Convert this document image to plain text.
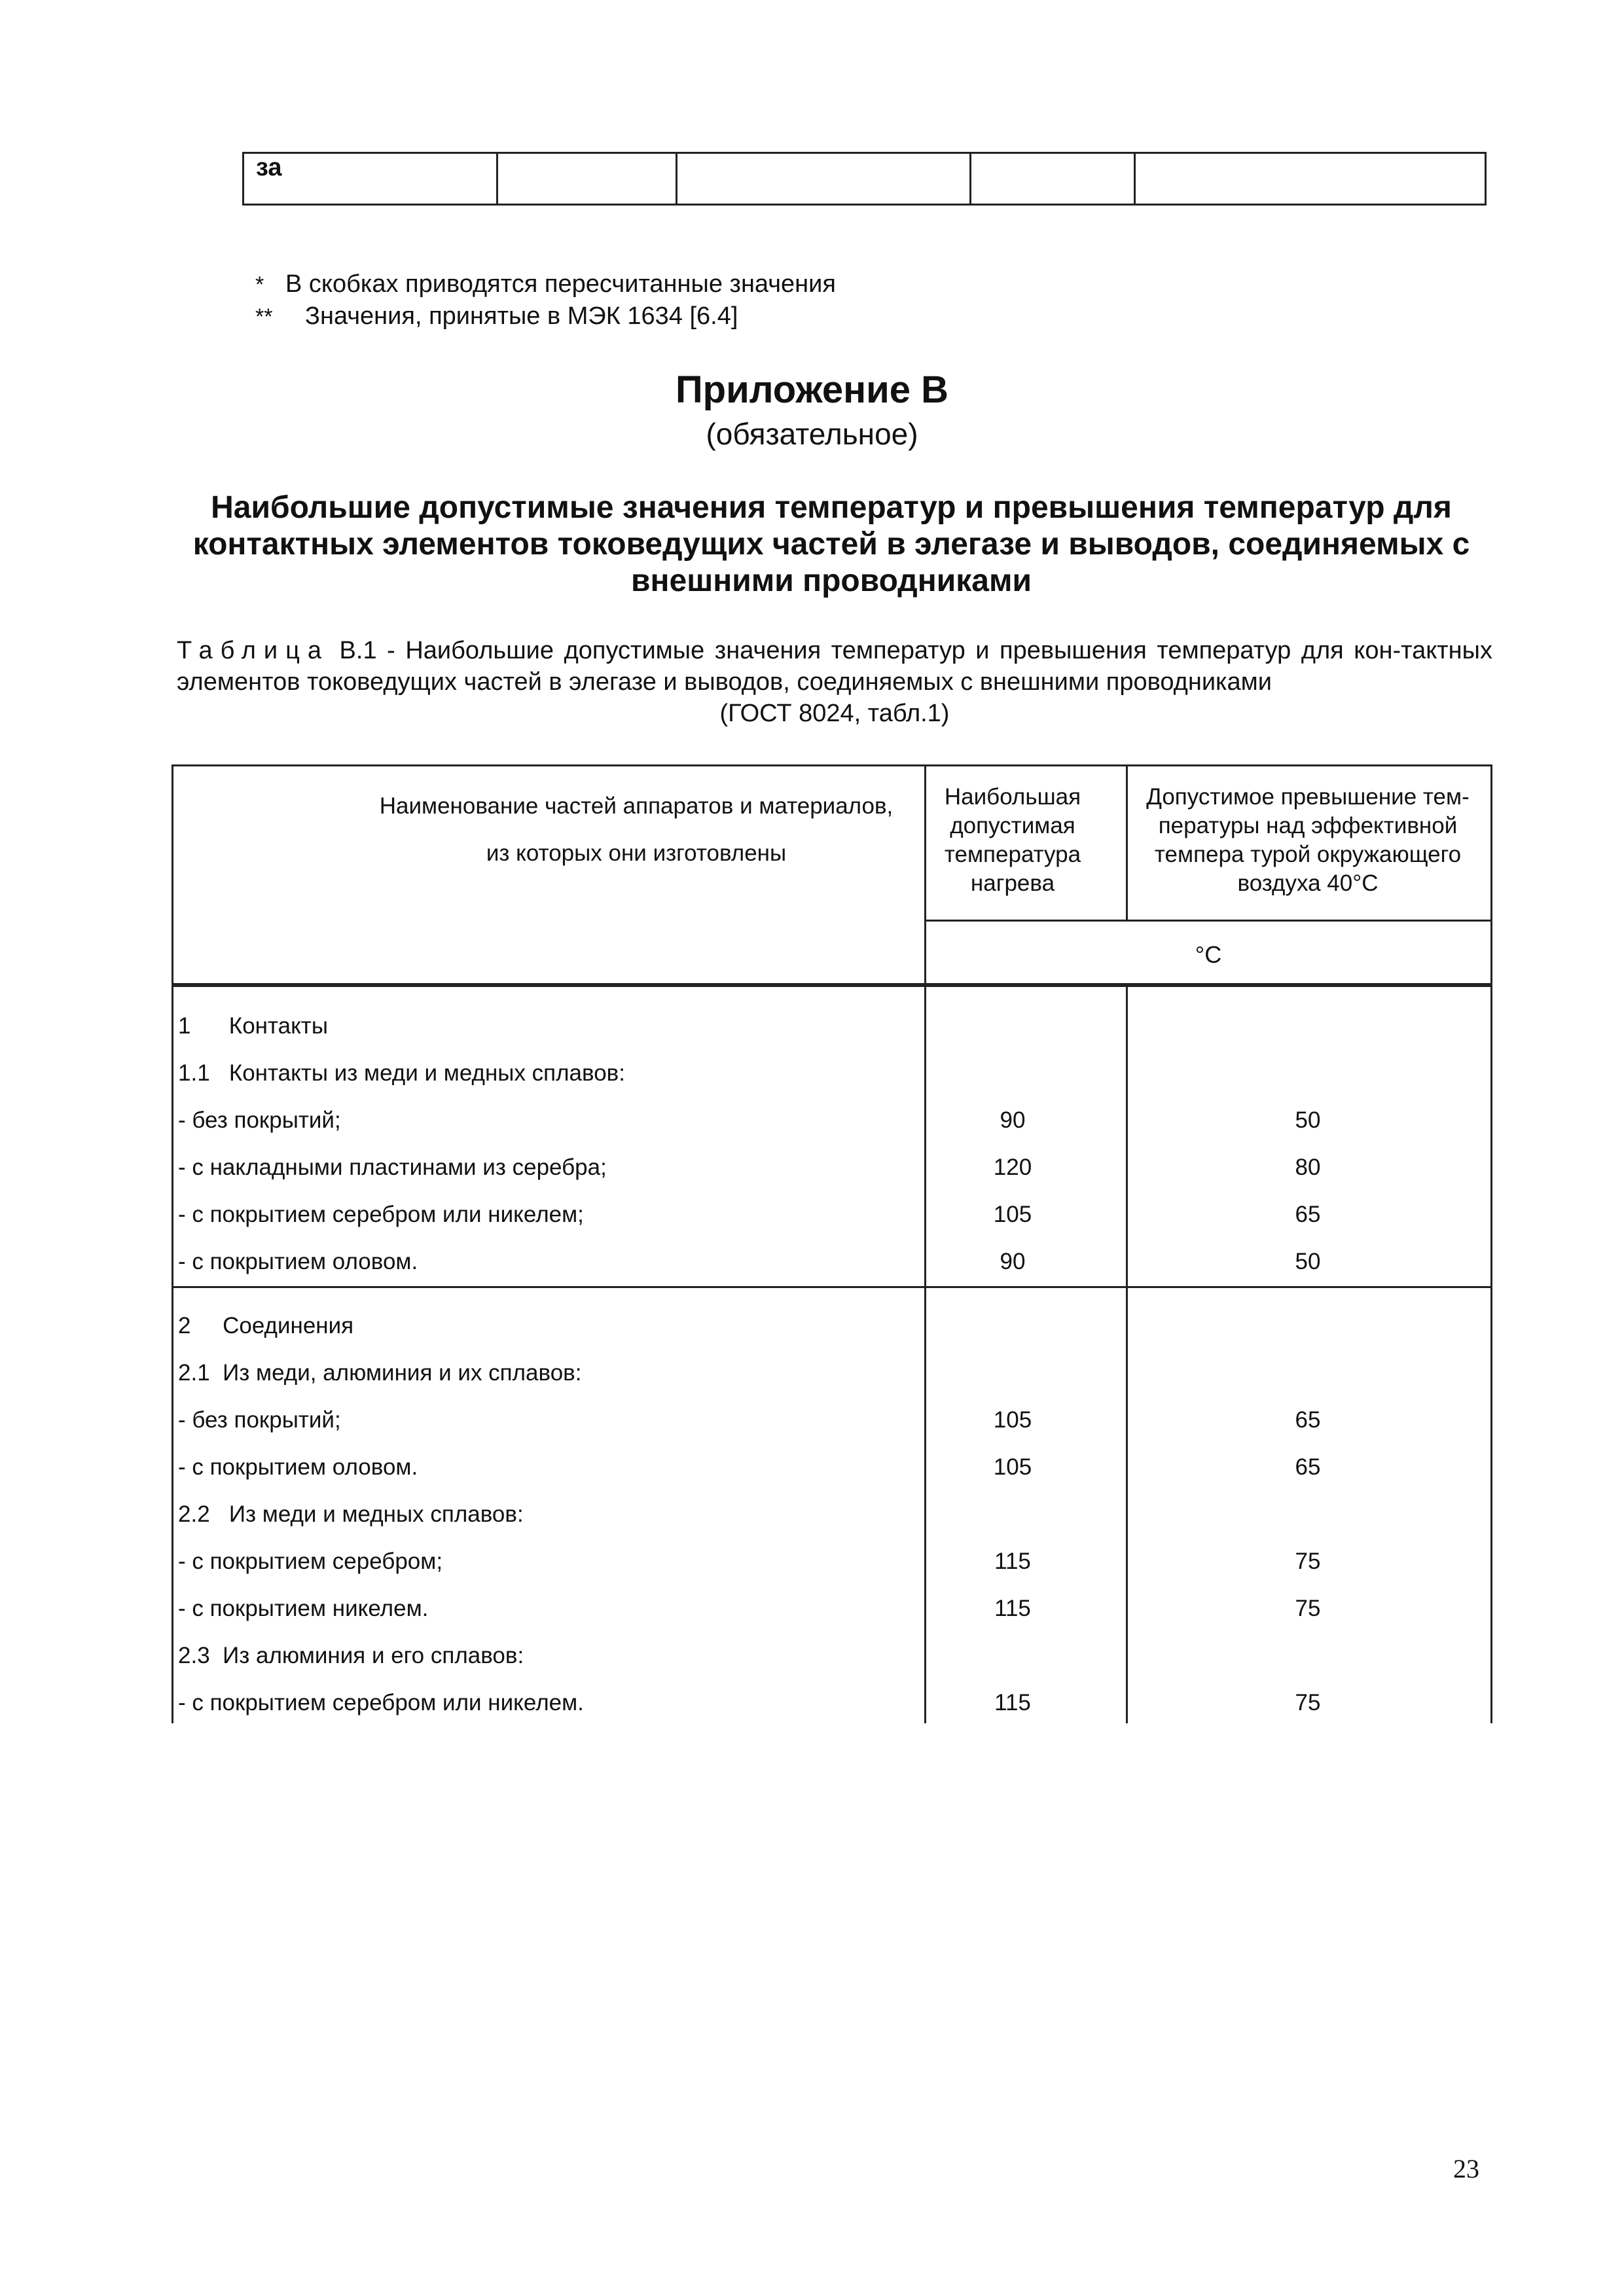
за				
* В скобках приводятся пересчитанные значения
** Значения, принятые в МЭК 1634 [6.4]
Приложение В
(обязательное)
Наибольшие допустимые значения температур и превышения температур для контактных элементов токоведущих частей в элегазе и выводов, соединяемых с внешними проводниками
Таблица В.1 - Наибольшие допустимые значения температур и превышения температур для кон-тактных элементов токоведущих частей в элегазе и выводов, соединяемых с внешними проводниками
(ГОСТ 8024, табл.1)
Наименование частей аппаратов и материалов,
из которых они изготовлены
Наибольшая допустимая температура нагрева
Допустимое превышение тем-пературы над эффективной темпера турой окружающего воздуха 40°С
°С
1      Контакты
1.1   Контакты из меди и медных сплавов:
- без покрытий;	90	50
- с накладными пластинами из серебра;	120	80
- с покрытием серебром или никелем;	105	65
- с покрытием оловом.	90	50
2     Соединения
2.1  Из меди, алюминия и их сплавов:
- без покрытий;	105	65
- с покрытием оловом.	105	65
2.2   Из меди и медных сплавов:
- с покрытием серебром;	115	75
- с покрытием никелем.	115	75
2.3  Из алюминия и его сплавов:
- с покрытием серебром или никелем.	115	75
23
